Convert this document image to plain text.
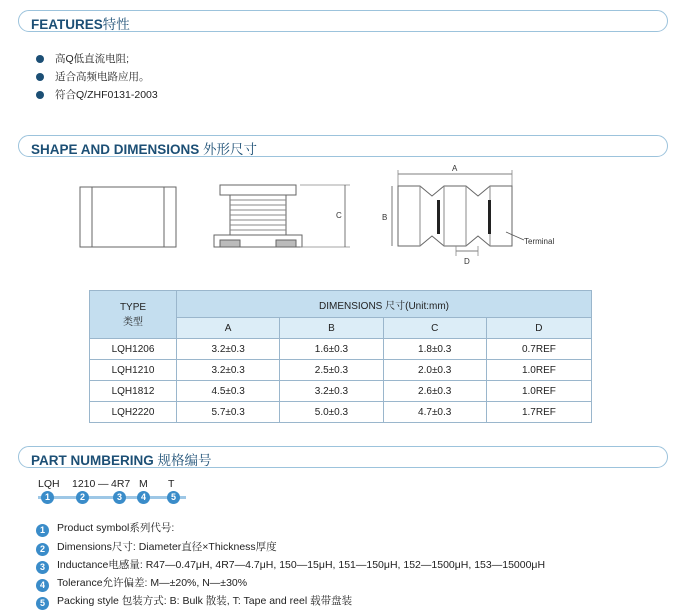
FEATURES特性
高Q低直流电阻;
适合高频电路应用。
符合Q/ZHF0131-2003
SHAPE AND DIMENSIONS 外形尺寸
C
A
B
D
Terminal
TYPE
类型	DIMENSIONS 尺寸(Unit:mm)			
	A	B	C	D
LQH1206	3.2±0.3	1.6±0.3	1.8±0.3	0.7REF
LQH1210	3.2±0.3	2.5±0.3	2.0±0.3	1.0REF
LQH1812	4.5±0.3	3.2±0.3	2.6±0.3	1.0REF
LQH2220	5.7±0.3	5.0±0.3	4.7±0.3	1.7REF
PART NUMBERING 规格编号
LQH 1210 — 4R7 M T
1	2	3	4	5
1 Product symbol系列代号:
2 Dimensions尺寸: Diameter直径×Thickness厚度
3 Inductance电感量: R47—0.47μH, 4R7—4.7μH, 150—15μH, 151—150μH, 152—1500μH, 153—15000μH
4 Tolerance允许偏差: M—±20%, N—±30%
5 Packing style 包装方式: B: Bulk 散装, T: Tape and reel 载带盘装
